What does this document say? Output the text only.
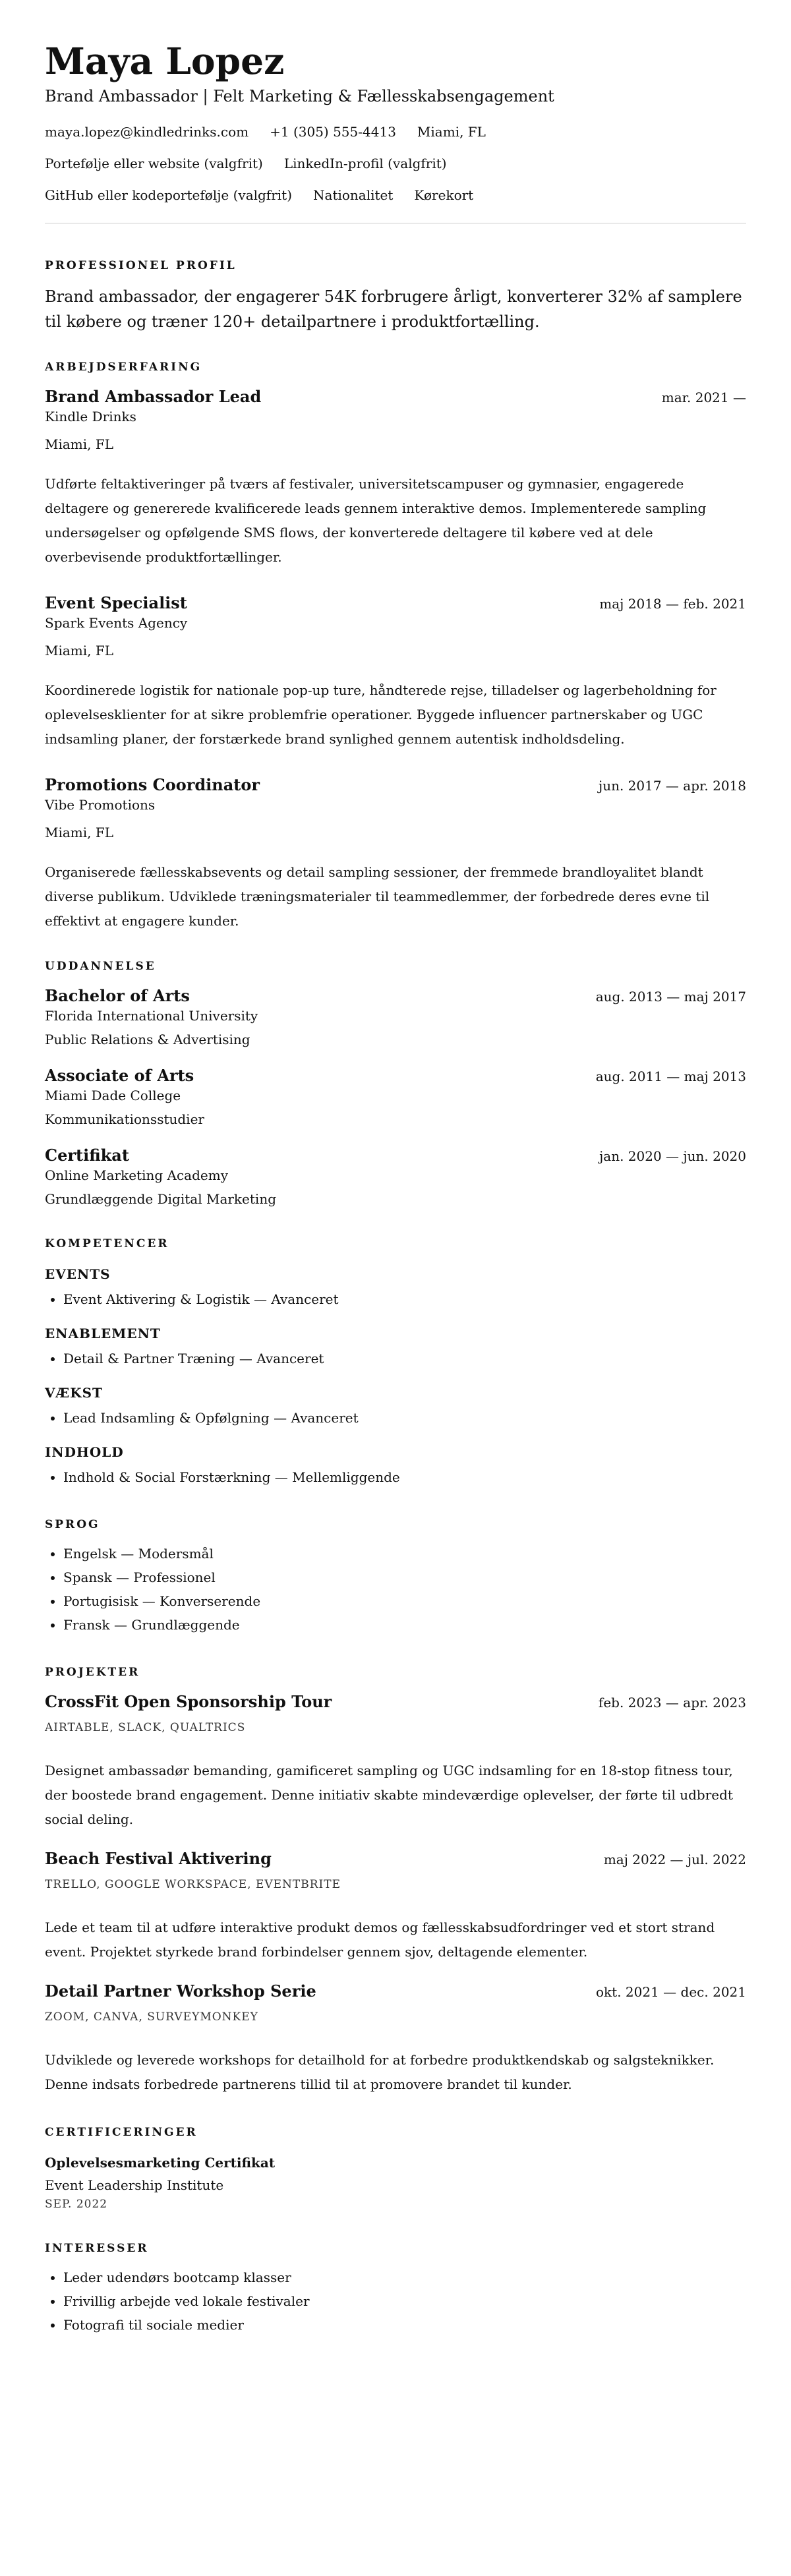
Maya Lopez
Brand Ambassador | Felt Marketing & Fællesskabsengagement
maya.lopez@kindledrinks.com +1 (305) 555-4413 Miami, FL
Portefølje eller website (valgfrit) LinkedIn-profil (valgfrit)
GitHub eller kodeportefølje (valgfrit) Nationalitet Kørekort
PROFESSIONEL PROFIL
Brand ambassador, der engagerer 54K forbrugere årligt, konverterer 32% af samplere til købere og træner 120+ detailpartnere i produktfortælling.
ARBEJDSERFARING
Brand Ambassador Lead	mar. 2021 —
Kindle Drinks
Miami, FL
Udførte feltaktiveringer på tværs af festivaler, universitetscampuser og gymnasier, engagerede deltagere og genererede kvalificerede leads gennem interaktive demos. Implementerede sampling undersøgelser og opfølgende SMS flows, der konverterede deltagere til købere ved at dele overbevisende produktfortællinger.
Event Specialist	maj 2018 — feb. 2021
Spark Events Agency
Miami, FL
Koordinerede logistik for nationale pop-up ture, håndterede rejse, tilladelser og lagerbeholdning for oplevelsesklienter for at sikre problemfrie operationer. Byggede influencer partnerskaber og UGC indsamling planer, der forstærkede brand synlighed gennem autentisk indholdsdeling.
Promotions Coordinator	jun. 2017 — apr. 2018
Vibe Promotions
Miami, FL
Organiserede fællesskabsevents og detail sampling sessioner, der fremmede brandloyalitet blandt diverse publikum. Udviklede træningsmaterialer til teammedlemmer, der forbedrede deres evne til effektivt at engagere kunder.
UDDANNELSE
Bachelor of Arts	aug. 2013 — maj 2017
Florida International University
Public Relations & Advertising
Associate of Arts	aug. 2011 — maj 2013
Miami Dade College
Kommunikationsstudier
Certifikat	jan. 2020 — jun. 2020
Online Marketing Academy
Grundlæggende Digital Marketing
KOMPETENCER
EVENTS
• Event Aktivering & Logistik — Avanceret
ENABLEMENT
• Detail & Partner Træning — Avanceret
VÆKST
• Lead Indsamling & Opfølgning — Avanceret
INDHOLD
• Indhold & Social Forstærkning — Mellemliggende
SPROG
• Engelsk — Modersmål
• Spansk — Professionel
• Portugisisk — Konverserende
• Fransk — Grundlæggende
PROJEKTER
CrossFit Open Sponsorship Tour	feb. 2023 — apr. 2023
AIRTABLE, SLACK, QUALTRICS
Designet ambassadør bemanding, gamificeret sampling og UGC indsamling for en 18-stop fitness tour, der boostede brand engagement. Denne initiativ skabte mindeværdige oplevelser, der førte til udbredt social deling.
Beach Festival Aktivering	maj 2022 — jul. 2022
TRELLO, GOOGLE WORKSPACE, EVENTBRITE
Lede et team til at udføre interaktive produkt demos og fællesskabsudfordringer ved et stort strand event. Projektet styrkede brand forbindelser gennem sjov, deltagende elementer.
Detail Partner Workshop Serie	okt. 2021 — dec. 2021
ZOOM, CANVA, SURVEYMONKEY
Udviklede og leverede workshops for detailhold for at forbedre produktkendskab og salgsteknikker. Denne indsats forbedrede partnerens tillid til at promovere brandet til kunder.
CERTIFICERINGER
Oplevelsesmarketing Certifikat
Event Leadership Institute
SEP. 2022
INTERESSER
• Leder udendørs bootcamp klasser
• Frivillig arbejde ved lokale festivaler
• Fotografi til sociale medier
